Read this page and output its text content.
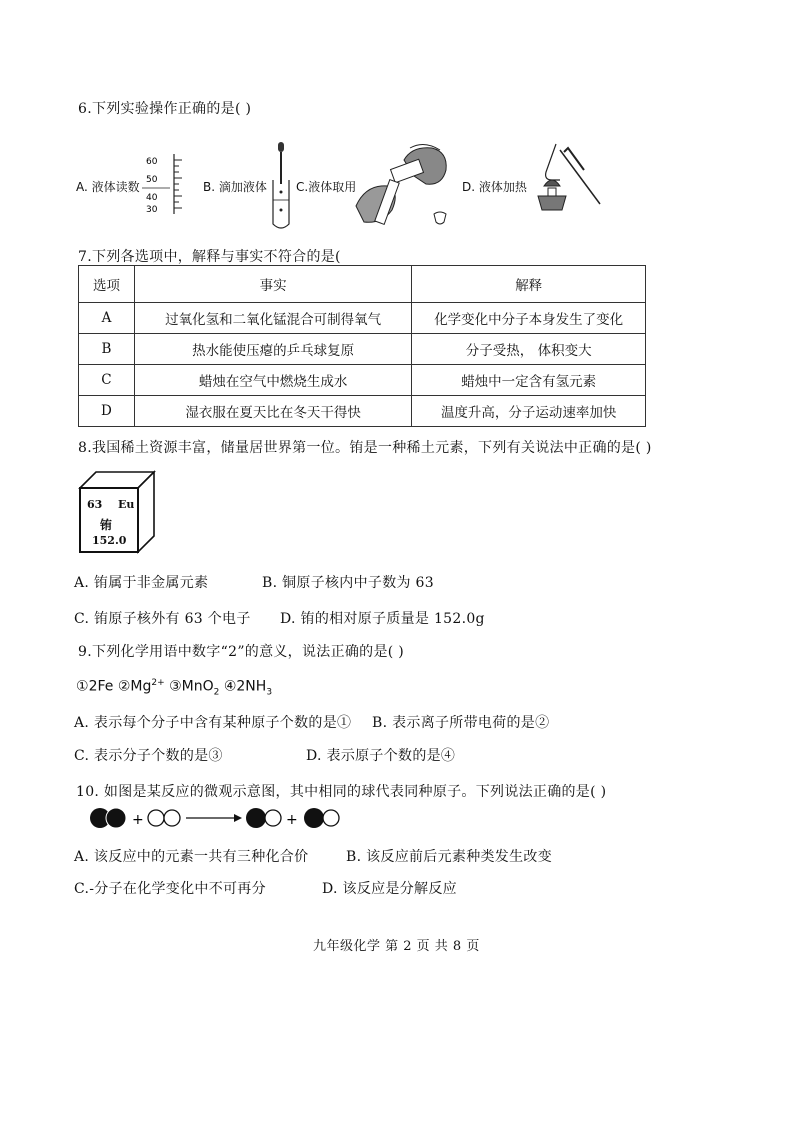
6.下列实验操作正确的是( )
A. 液体读数
60
50
40
30
B. 滴加液体 C.液体取用	D. 液体加热
7.下列各选项中，解释与事实不符合的是(
选项	事实	解释
A	过氧化氢和二氧化锰混合可制得氧气	化学变化中分子本身发生了变化
B	热水能使压瘪的乒乓球复原	分子受热， 体积变大
C	蜡烛在空气中燃烧生成水	蜡烛中一定含有氢元素
D	湿衣服在夏天比在冬天干得快	温度升高，分子运动速率加快
8.我国稀土资源丰富，储量居世界第一位。铕是一种稀土元素，下列有关说法中正确的是( )
63 Eu
铕
152.0
A. 铕属于非金属元素	B. 铜原子核内中子数为 63
C. 铕原子核外有 63 个电子 D. 铕的相对原子质量是 152.0g
9.下列化学用语中数字“2”的意义，说法正确的是( )
①2Fe $②Mg^{2+}$ ③MnO$_2$ $④2NH_3$
A. 表示每个分子中含有某种原子个数的是① B. 表示离子所带电荷的是②
C. 表示分子个数的是③	D. 表示原子个数的是④
10. 如图是某反应的微观示意图，其中相同的球代表同种原子。下列说法正确的是( )
+	+
A. 该反应中的元素一共有三种化合价	B. 该反应前后元素种类发生改变
C.-分子在化学变化中不可再分	D. 该反应是分解反应
九年级化学 第 2 页 共 8 页
